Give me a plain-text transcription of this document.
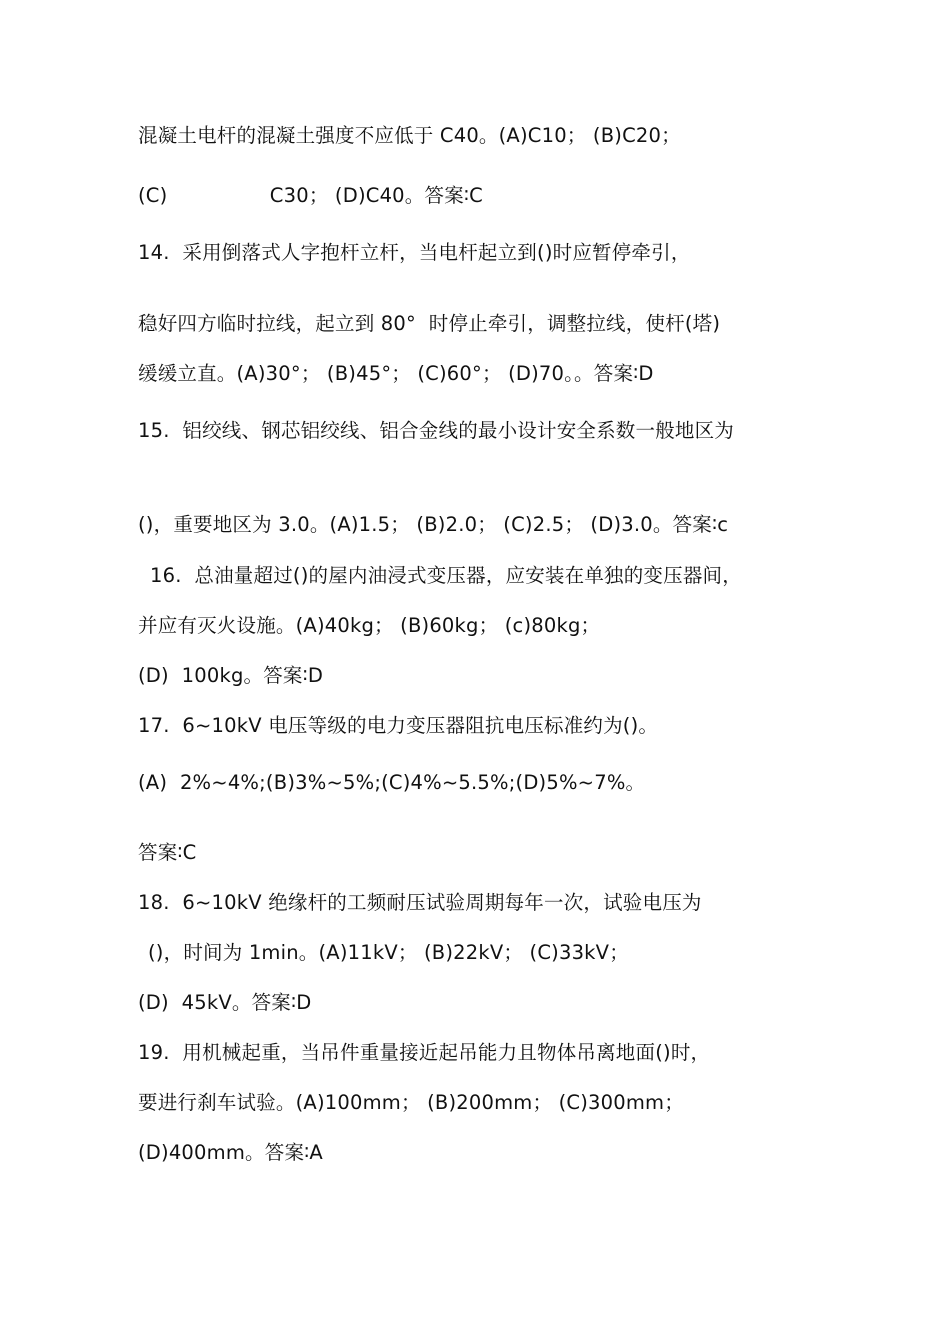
混凝土电杆的混凝土强度不应低于 C40。(A)C10； (B)C20；
(C)                C30； (D)C40。答案∶C
14.  采用倒落式人字抱杆立杆，当电杆起立到()时应暂停牵引，
稳好四方临时拉线，起立到 80°  时停止牵引，调整拉线，使杆(塔)
缓缓立直。(A)30°； (B)45°； (C)60°； (D)70。。答案∶D
15.  铝绞线、钢芯铝绞线、铝合金线的最小设计安全系数一般地区为
()，重要地区为 3.0。(A)1.5； (B)2.0； (C)2.5； (D)3.0。答案∶c
16.  总油量超过()的屋内油浸式变压器，应安装在单独的变压器间，
并应有灭火设施。(A)40kg； (B)60kg； (c)80kg；
(D)  100kg。答案∶D
17.  6~10kV 电压等级的电力变压器阻抗电压标准约为()。
(A)  2%~4%;(B)3%~5%;(C)4%~5.5%;(D)5%~7%。
答案∶C
18.  6~10kV 绝缘杆的工频耐压试验周期每年一次，试验电压为
()，时间为 1min。(A)11kV； (B)22kV； (C)33kV；
(D)  45kV。答案∶D
19.  用机械起重，当吊件重量接近起吊能力且物体吊离地面()时，
要进行刹车试验。(A)100mm； (B)200mm； (C)300mm；
(D)400mm。答案∶A
